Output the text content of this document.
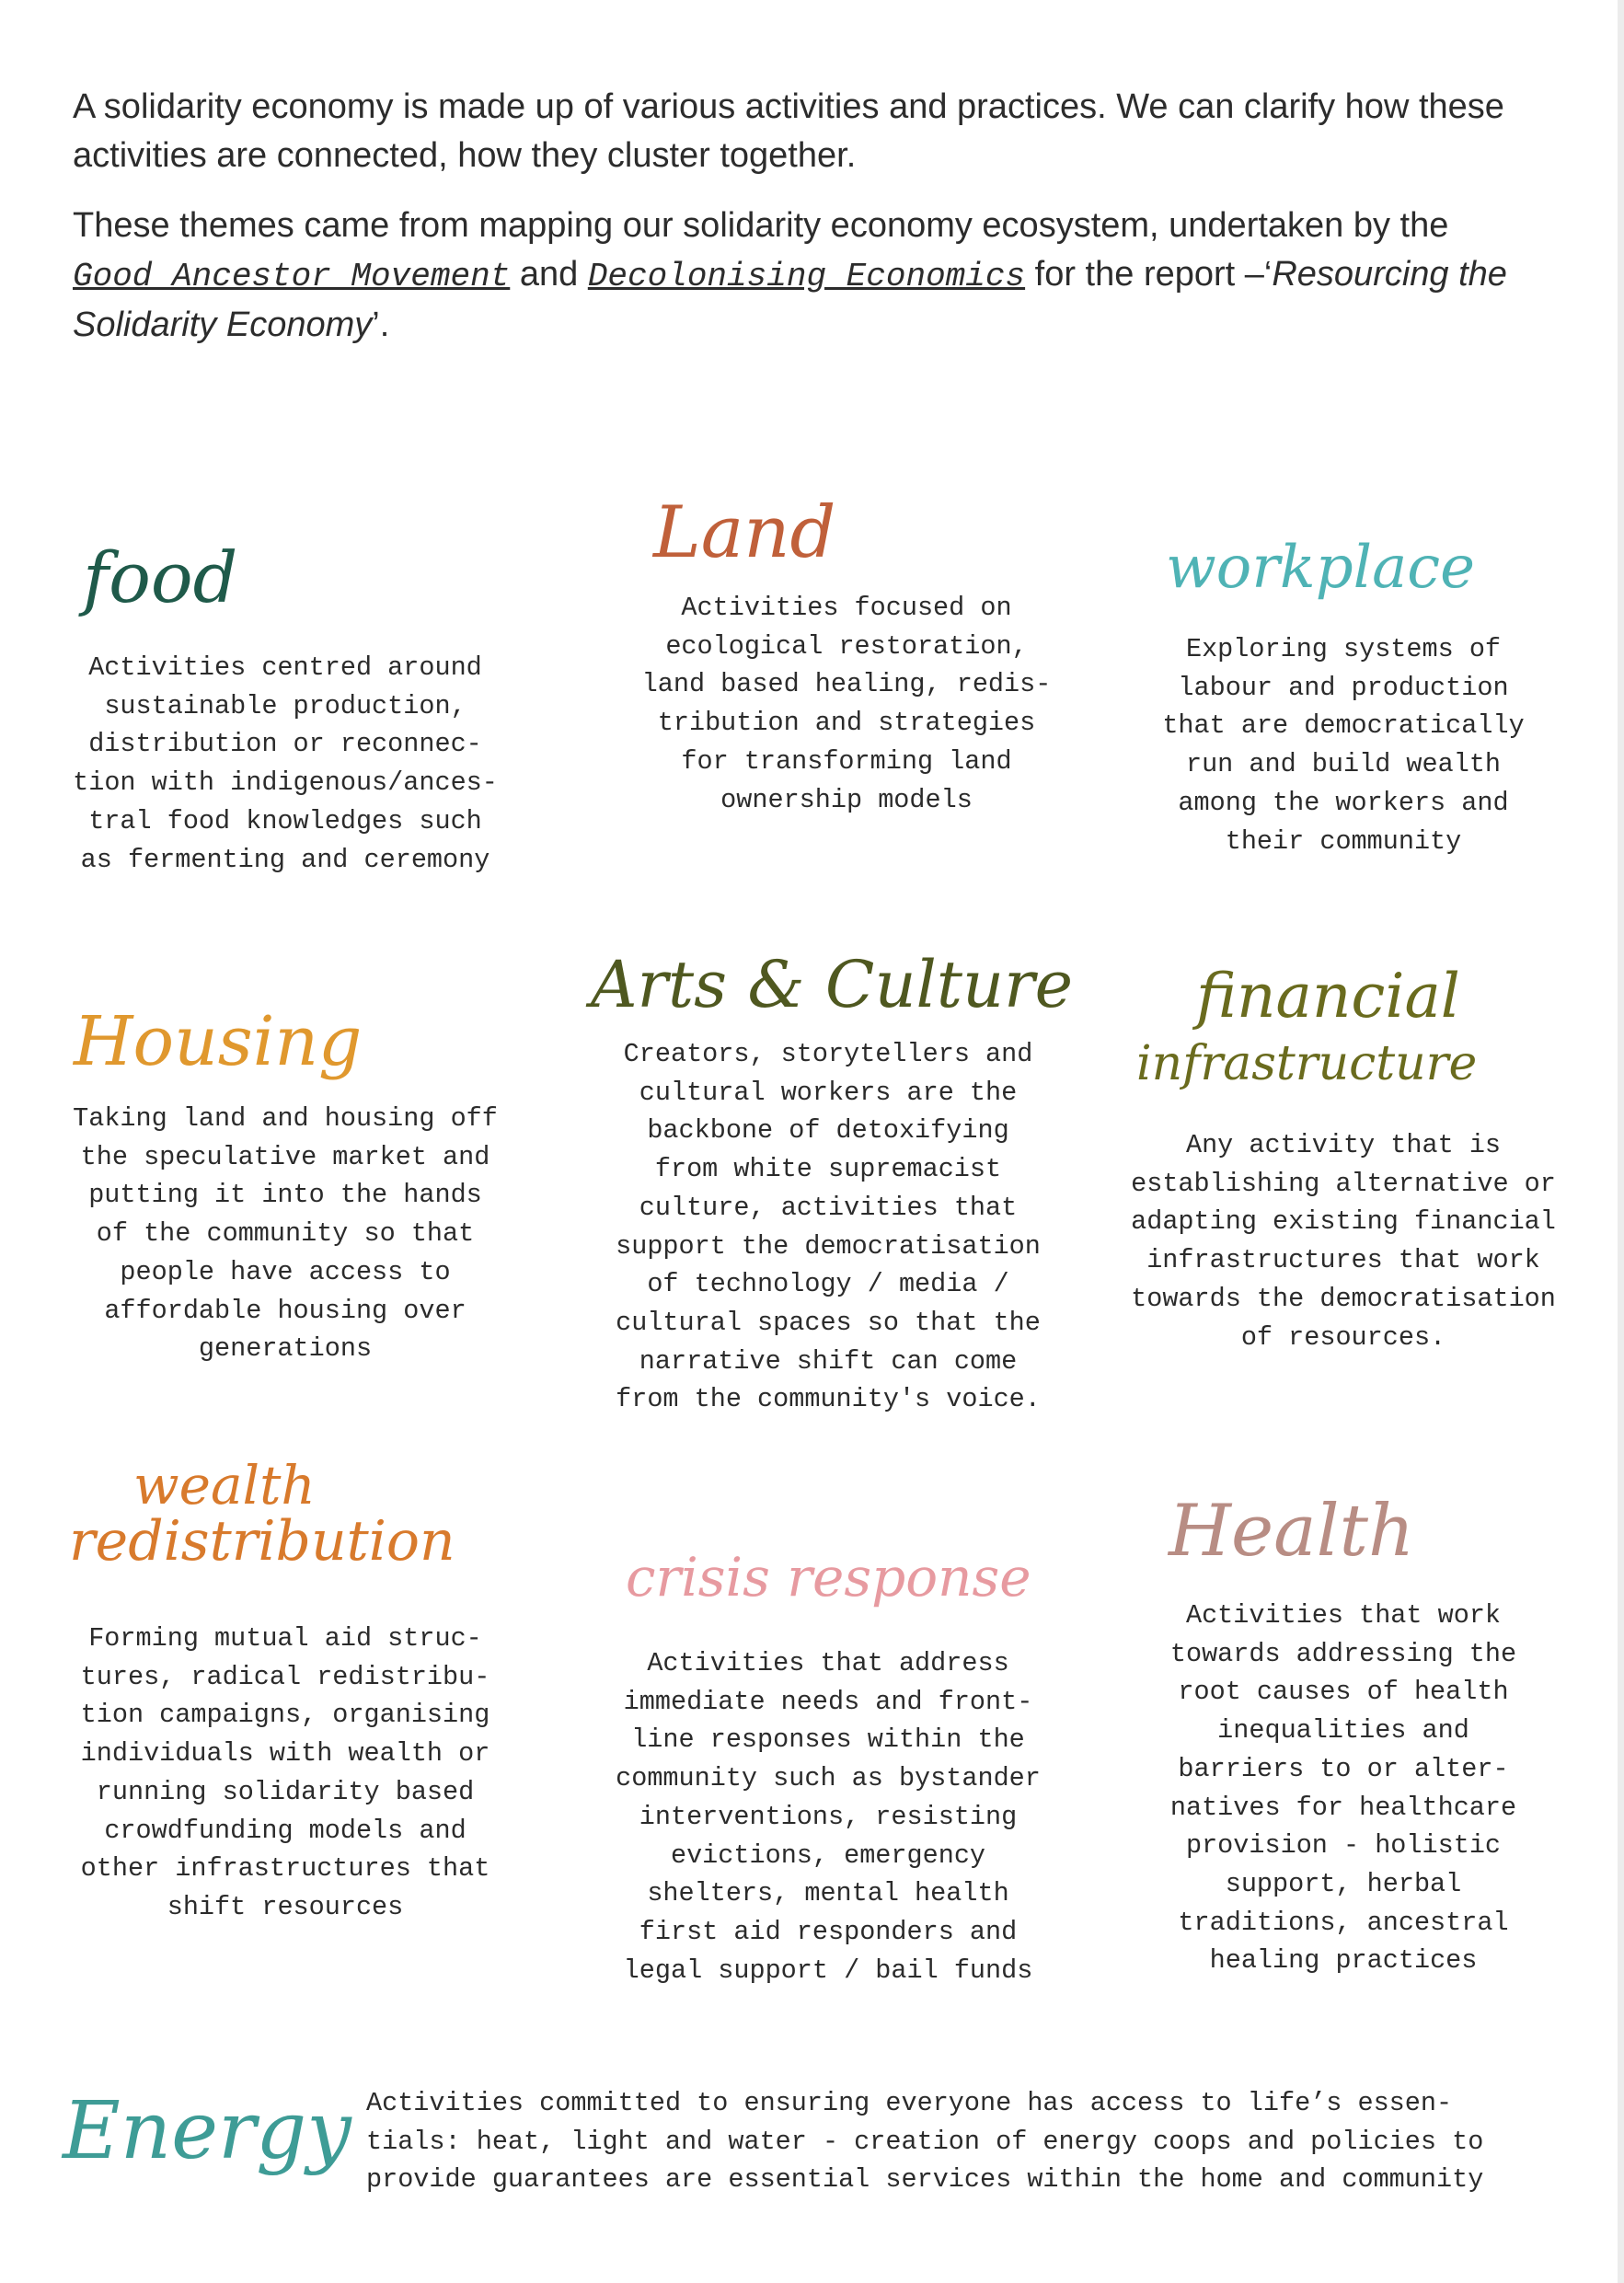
A solidarity economy is made up of various activities and practices. We can clarify how these activities are connected, how they cluster together.

These themes came from mapping our solidarity economy ecosystem, undertaken by the Good Ancestor Movement and Decolonising Economics for the report –‘Resourcing the Solidarity Economy’.

food

Activities centred around
sustainable production,
distribution or reconnec-
tion with indigenous/ances-
tral food knowledges such
as fermenting and ceremony

Land

Activities focused on
ecological restoration,
land based healing, redis-
tribution and strategies
for transforming land
ownership models

workplace

Exploring systems of
labour and production
that are democratically
run and build wealth
among the workers and
their community

Housing

Taking land and housing off
the speculative market and
putting it into the hands
of the community so that
people have access to
affordable housing over
generations

Arts & Culture

Creators, storytellers and
cultural workers are the
backbone of detoxifying
from white supremacist
culture, activities that
support the democratisation
of technology / media /
cultural spaces so that the
narrative shift can come
from the community's voice.

financial
infrastructure

Any activity that is
establishing alternative or
adapting existing financial
infrastructures that work
towards the democratisation
of resources.

wealth
redistribution

Forming mutual aid struc-
tures, radical redistribu-
tion campaigns, organising
individuals with wealth or
running solidarity based
crowdfunding models and
other infrastructures that
shift resources

crisis response

Activities that address
immediate needs and front-
line responses within the
community such as bystander
interventions, resisting
evictions, emergency
shelters, mental health
first aid responders and
legal support / bail funds

Health

Activities that work
towards addressing the
root causes of health
inequalities and
barriers to or alter-
natives for healthcare
provision - holistic
support, herbal
traditions, ancestral
healing practices

Energy Activities committed to ensuring everyone has access to life’s essen-
tials: heat, light and water - creation of energy coops and policies to
provide guarantees are essential services within the home and community
